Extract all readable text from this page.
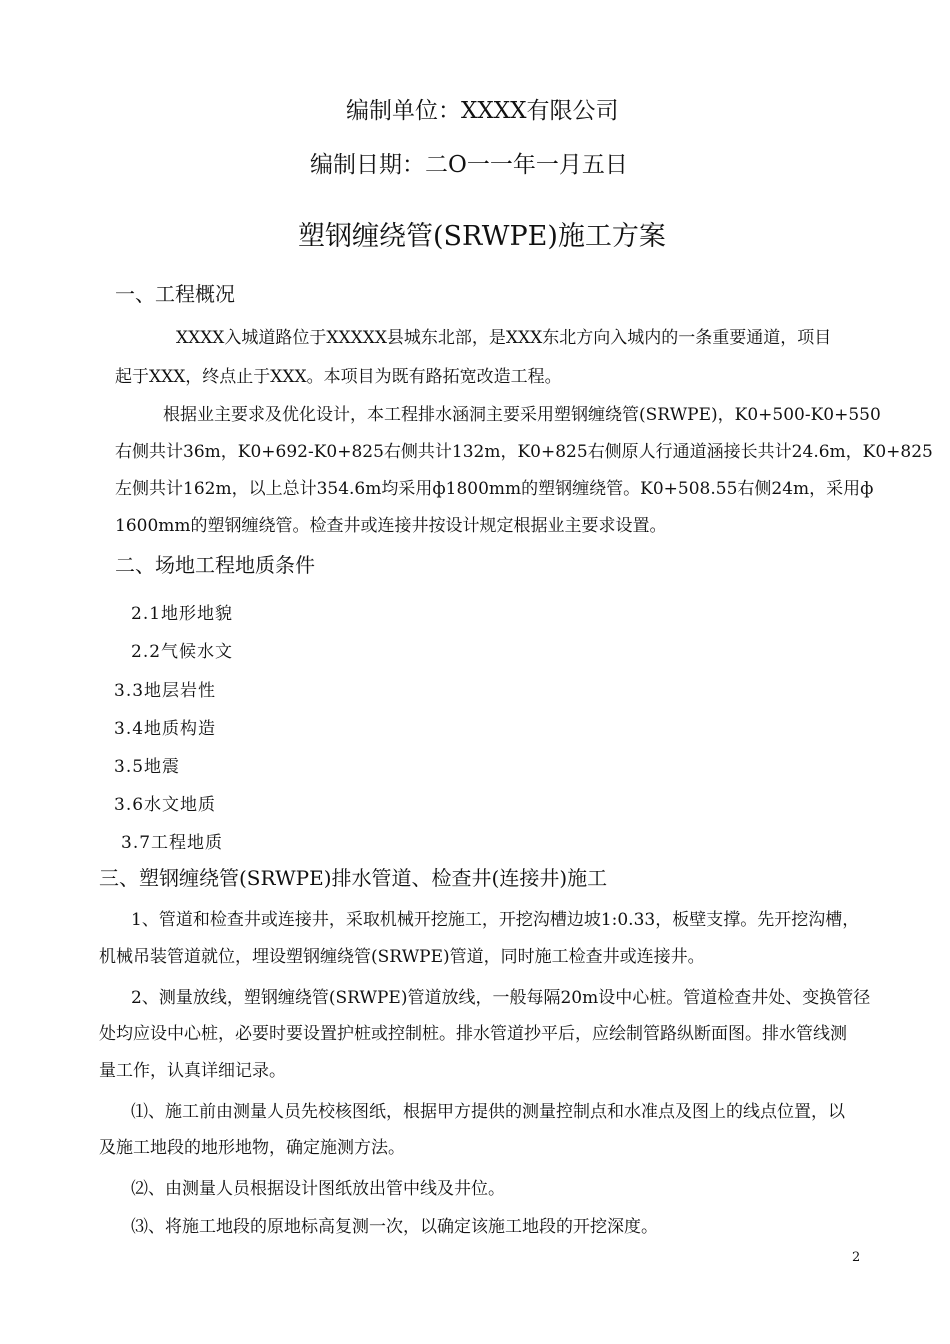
编制单位：XXXX有限公司
编制日期：二O一一年一月五日
塑钢缠绕管(SRWPE)施工方案
一、工程概况
XXXX入城道路位于XXXXX县城东北部，是XXX东北方向入城内的一条重要通道，项目
起于XXX，终点止于XXX。本项目为既有路拓宽改造工程。
根据业主要求及优化设计，本工程排水涵洞主要采用塑钢缠绕管(SRWPE)，K0+500-K0+550
右侧共计36m，K0+692-K0+825右侧共计132m，K0+825右侧原人行通道涵接长共计24.6m，K0+825
左侧共计162m，以上总计354.6m均采用ф1800mm的塑钢缠绕管。K0+508.55右侧24m，采用ф
1600mm的塑钢缠绕管。检查井或连接井按设计规定根据业主要求设置。
二、场地工程地质条件
2.1地形地貌
2.2气候水文
3.3地层岩性
3.4地质构造
3.5地震
3.6水文地质
3.7工程地质
三、塑钢缠绕管(SRWPE)排水管道、检查井(连接井)施工
1、管道和检查井或连接井，采取机械开挖施工，开挖沟槽边坡1:0.33，板壁支撑。先开挖沟槽，
机械吊装管道就位，埋设塑钢缠绕管(SRWPE)管道，同时施工检查井或连接井。
2、测量放线，塑钢缠绕管(SRWPE)管道放线，一般每隔20m设中心桩。管道检查井处、变换管径
处均应设中心桩，必要时要设置护桩或控制桩。排水管道抄平后，应绘制管路纵断面图。排水管线测
量工作，认真详细记录。
⑴、施工前由测量人员先校核图纸，根据甲方提供的测量控制点和水准点及图上的线点位置，以
及施工地段的地形地物，确定施测方法。
⑵、由测量人员根据设计图纸放出管中线及井位。
⑶、将施工地段的原地标高复测一次，以确定该施工地段的开挖深度。
2
